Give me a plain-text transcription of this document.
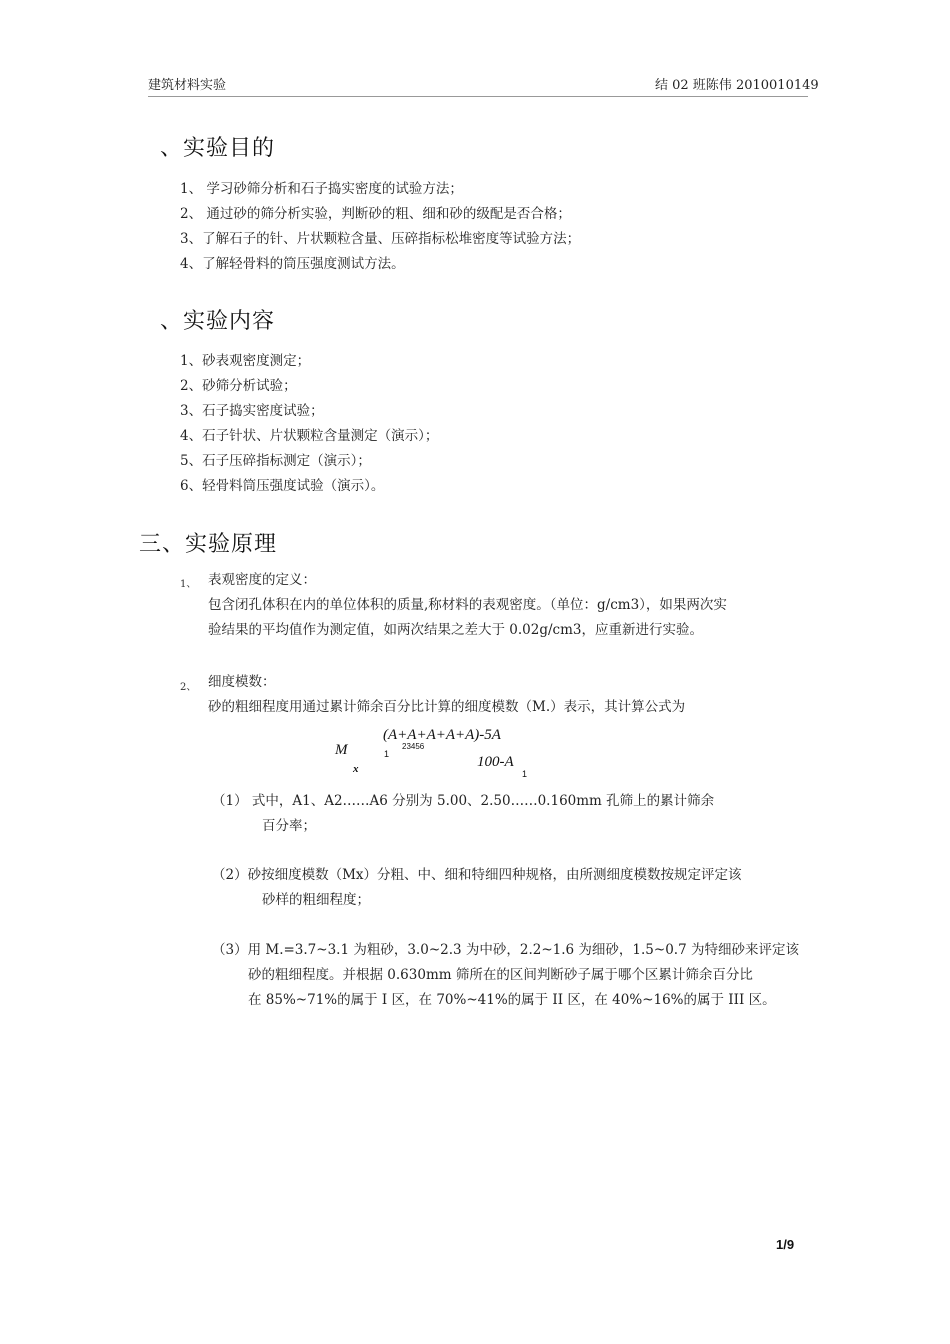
建筑材料实验	结 02 班陈伟 2010010149
、实验目的
1、 学习砂筛分析和石子捣实密度的试验方法；
2、 通过砂的筛分析实验，判断砂的粗、细和砂的级配是否合格；
3、了解石子的针、片状颗粒含量、压碎指标松堆密度等试验方法；
4、了解轻骨料的筒压强度测试方法。
、实验内容
1、砂表观密度测定；
2、砂筛分析试验；
3、石子捣实密度试验；
4、石子针状、片状颗粒含量测定（演示）；
5、石子压碎指标测定（演示）；
6、轻骨料筒压强度试验（演示）。
三、实验原理
1、 表观密度的定义：
包含闭孔体积在内的单位体积的质量,称材料的表观密度。（单位：g/cm3），如果两次实
验结果的平均值作为测定值，如两次结果之差大于 0.02g/cm3，应重新进行实验。
2、 细度模数：
砂的粗细程度用通过累计筛余百分比计算的细度模数（M.）表示，其计算公式为
M
x
(A+A+A+A+A)-5A
1
23456
100-A
1
（1） 式中，A1、A2……A6 分别为 5.00、2.50……0.160mm 孔筛上的累计筛余
百分率；
（2）砂按细度模数（Mx）分粗、中、细和特细四种规格，由所测细度模数按规定评定该
砂样的粗细程度；
（3）用 M.=3.7~3.1 为粗砂，3.0~2.3 为中砂，2.2~1.6 为细砂，1.5~0.7 为特细砂来评定该
砂的粗细程度。并根据 0.630mm 筛所在的区间判断砂子属于哪个区累计筛余百分比
在 85%~71%的属于 I 区，在 70%~41%的属于 II 区，在 40%~16%的属于 III 区。
1/9
